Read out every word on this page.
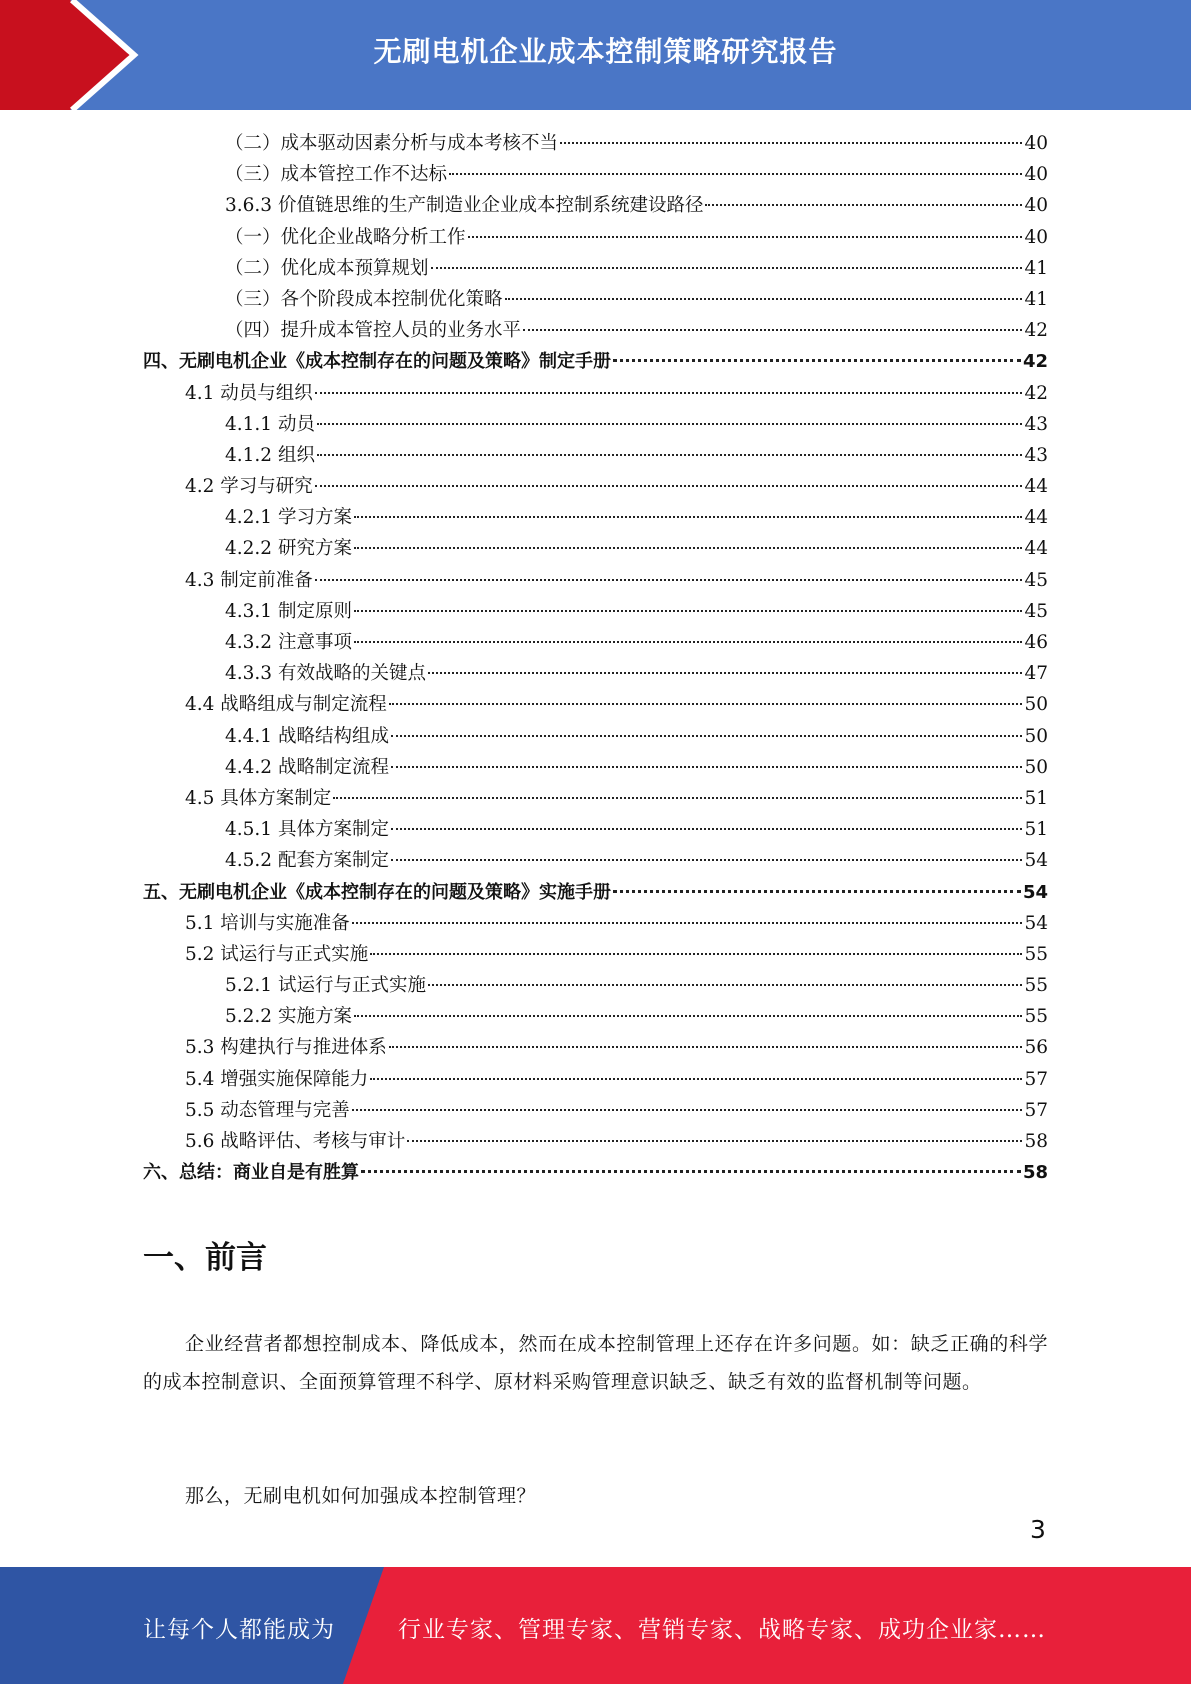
无刷电机企业成本控制策略研究报告
（二）成本驱动因素分析与成本考核不当	40
（三）成本管控工作不达标	40
3.6.3 价值链思维的生产制造业企业成本控制系统建设路径	40
（一）优化企业战略分析工作	40
（二）优化成本预算规划	41
（三）各个阶段成本控制优化策略	41
（四）提升成本管控人员的业务水平	42
四、无刷电机企业《成本控制存在的问题及策略》制定手册	42
4.1 动员与组织	42
4.1.1 动员	43
4.1.2 组织	43
4.2 学习与研究	44
4.2.1 学习方案	44
4.2.2 研究方案	44
4.3 制定前准备	45
4.3.1 制定原则	45
4.3.2 注意事项	46
4.3.3 有效战略的关键点	47
4.4 战略组成与制定流程	50
4.4.1 战略结构组成	50
4.4.2 战略制定流程	50
4.5 具体方案制定	51
4.5.1 具体方案制定	51
4.5.2 配套方案制定	54
五、无刷电机企业《成本控制存在的问题及策略》实施手册	54
5.1 培训与实施准备	54
5.2 试运行与正式实施	55
5.2.1 试运行与正式实施	55
5.2.2 实施方案	55
5.3 构建执行与推进体系	56
5.4 增强实施保障能力	57
5.5 动态管理与完善	57
5.6 战略评估、考核与审计	58
六、总结：商业自是有胜算	58
一、前言
企业经营者都想控制成本、降低成本，然而在成本控制管理上还存在许多问题。如：缺乏正确的科学的成本控制意识、全面预算管理不科学、原材料采购管理意识缺乏、缺乏有效的监督机制等问题。
那么，无刷电机如何加强成本控制管理？
3
让每个人都能成为	行业专家、管理专家、营销专家、战略专家、成功企业家……
